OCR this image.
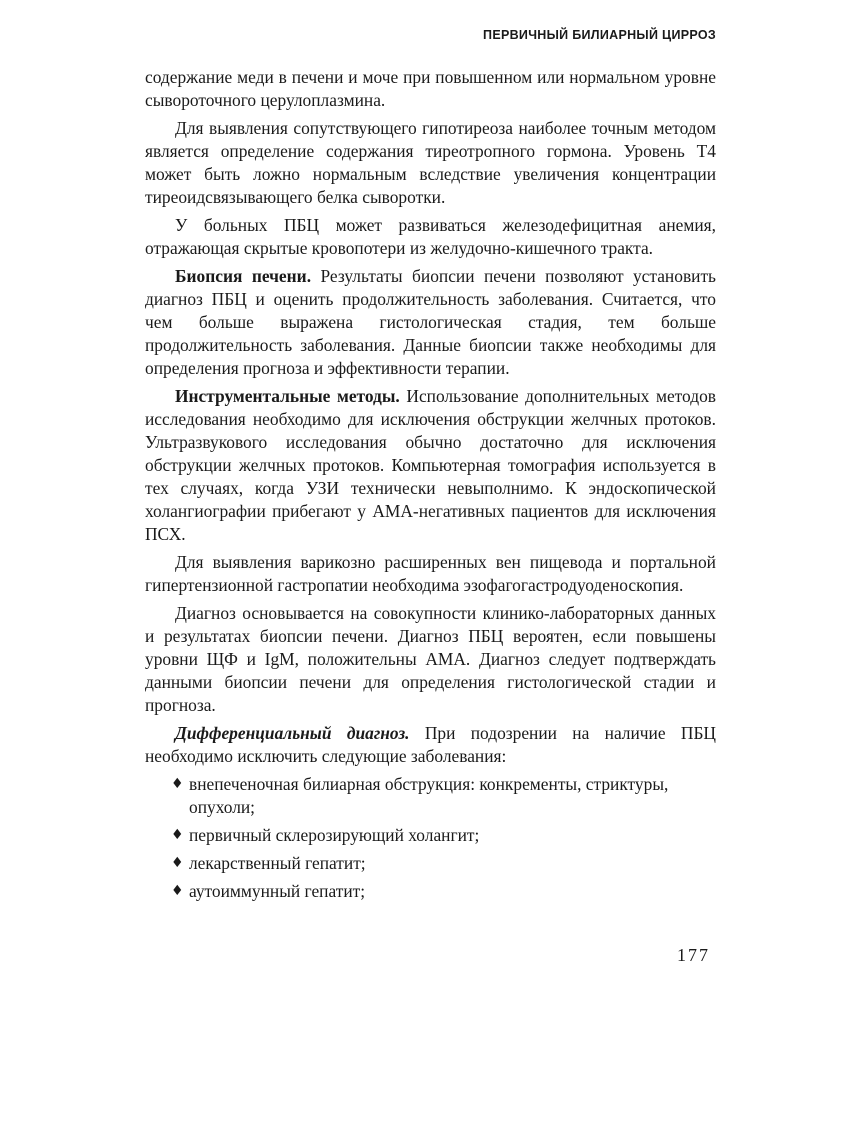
ПЕРВИЧНЫЙ БИЛИАРНЫЙ ЦИРРОЗ

содержание меди в печени и моче при повышенном или нормальном уровне сывороточного церулоплазмина.

Для выявления сопутствующего гипотиреоза наиболее точным методом является определение содержания тиреотропного гормона. Уровень Т4 может быть ложно нормальным вследствие увеличения концентрации тиреоидсвязывающего белка сыворотки.

У больных ПБЦ может развиваться железодефицитная анемия, отражающая скрытые кровопотери из желудочно-кишечного тракта.

Биопсия печени. Результаты биопсии печени позволяют установить диагноз ПБЦ и оценить продолжительность заболевания. Считается, что чем больше выражена гистологическая стадия, тем больше продолжительность заболевания. Данные биопсии также необходимы для определения прогноза и эффективности терапии.

Инструментальные методы. Использование дополнительных методов исследования необходимо для исключения обструкции желчных протоков. Ультразвукового исследования обычно достаточно для исключения обструкции желчных протоков. Компьютерная томография используется в тех случаях, когда УЗИ технически невыполнимо. К эндоскопической холангиографии прибегают у АМА-негативных пациентов для исключения ПСХ.

Для выявления варикозно расширенных вен пищевода и портальной гипертензионной гастропатии необходима эзофагогастродуоденоскопия.

Диагноз основывается на совокупности клинико-лабораторных данных и результатах биопсии печени. Диагноз ПБЦ вероятен, если повышены уровни ЩФ и IgM, положительны АМА. Диагноз следует подтверждать данными биопсии печени для определения гистологической стадии и прогноза.

Дифференциальный диагноз. При подозрении на наличие ПБЦ необходимо исключить следующие заболевания:

♦ внепеченочная билиарная обструкция: конкременты, стриктуры, опухоли;
♦ первичный склерозирующий холангит;
♦ лекарственный гепатит;
♦ аутоиммунный гепатит;
177
